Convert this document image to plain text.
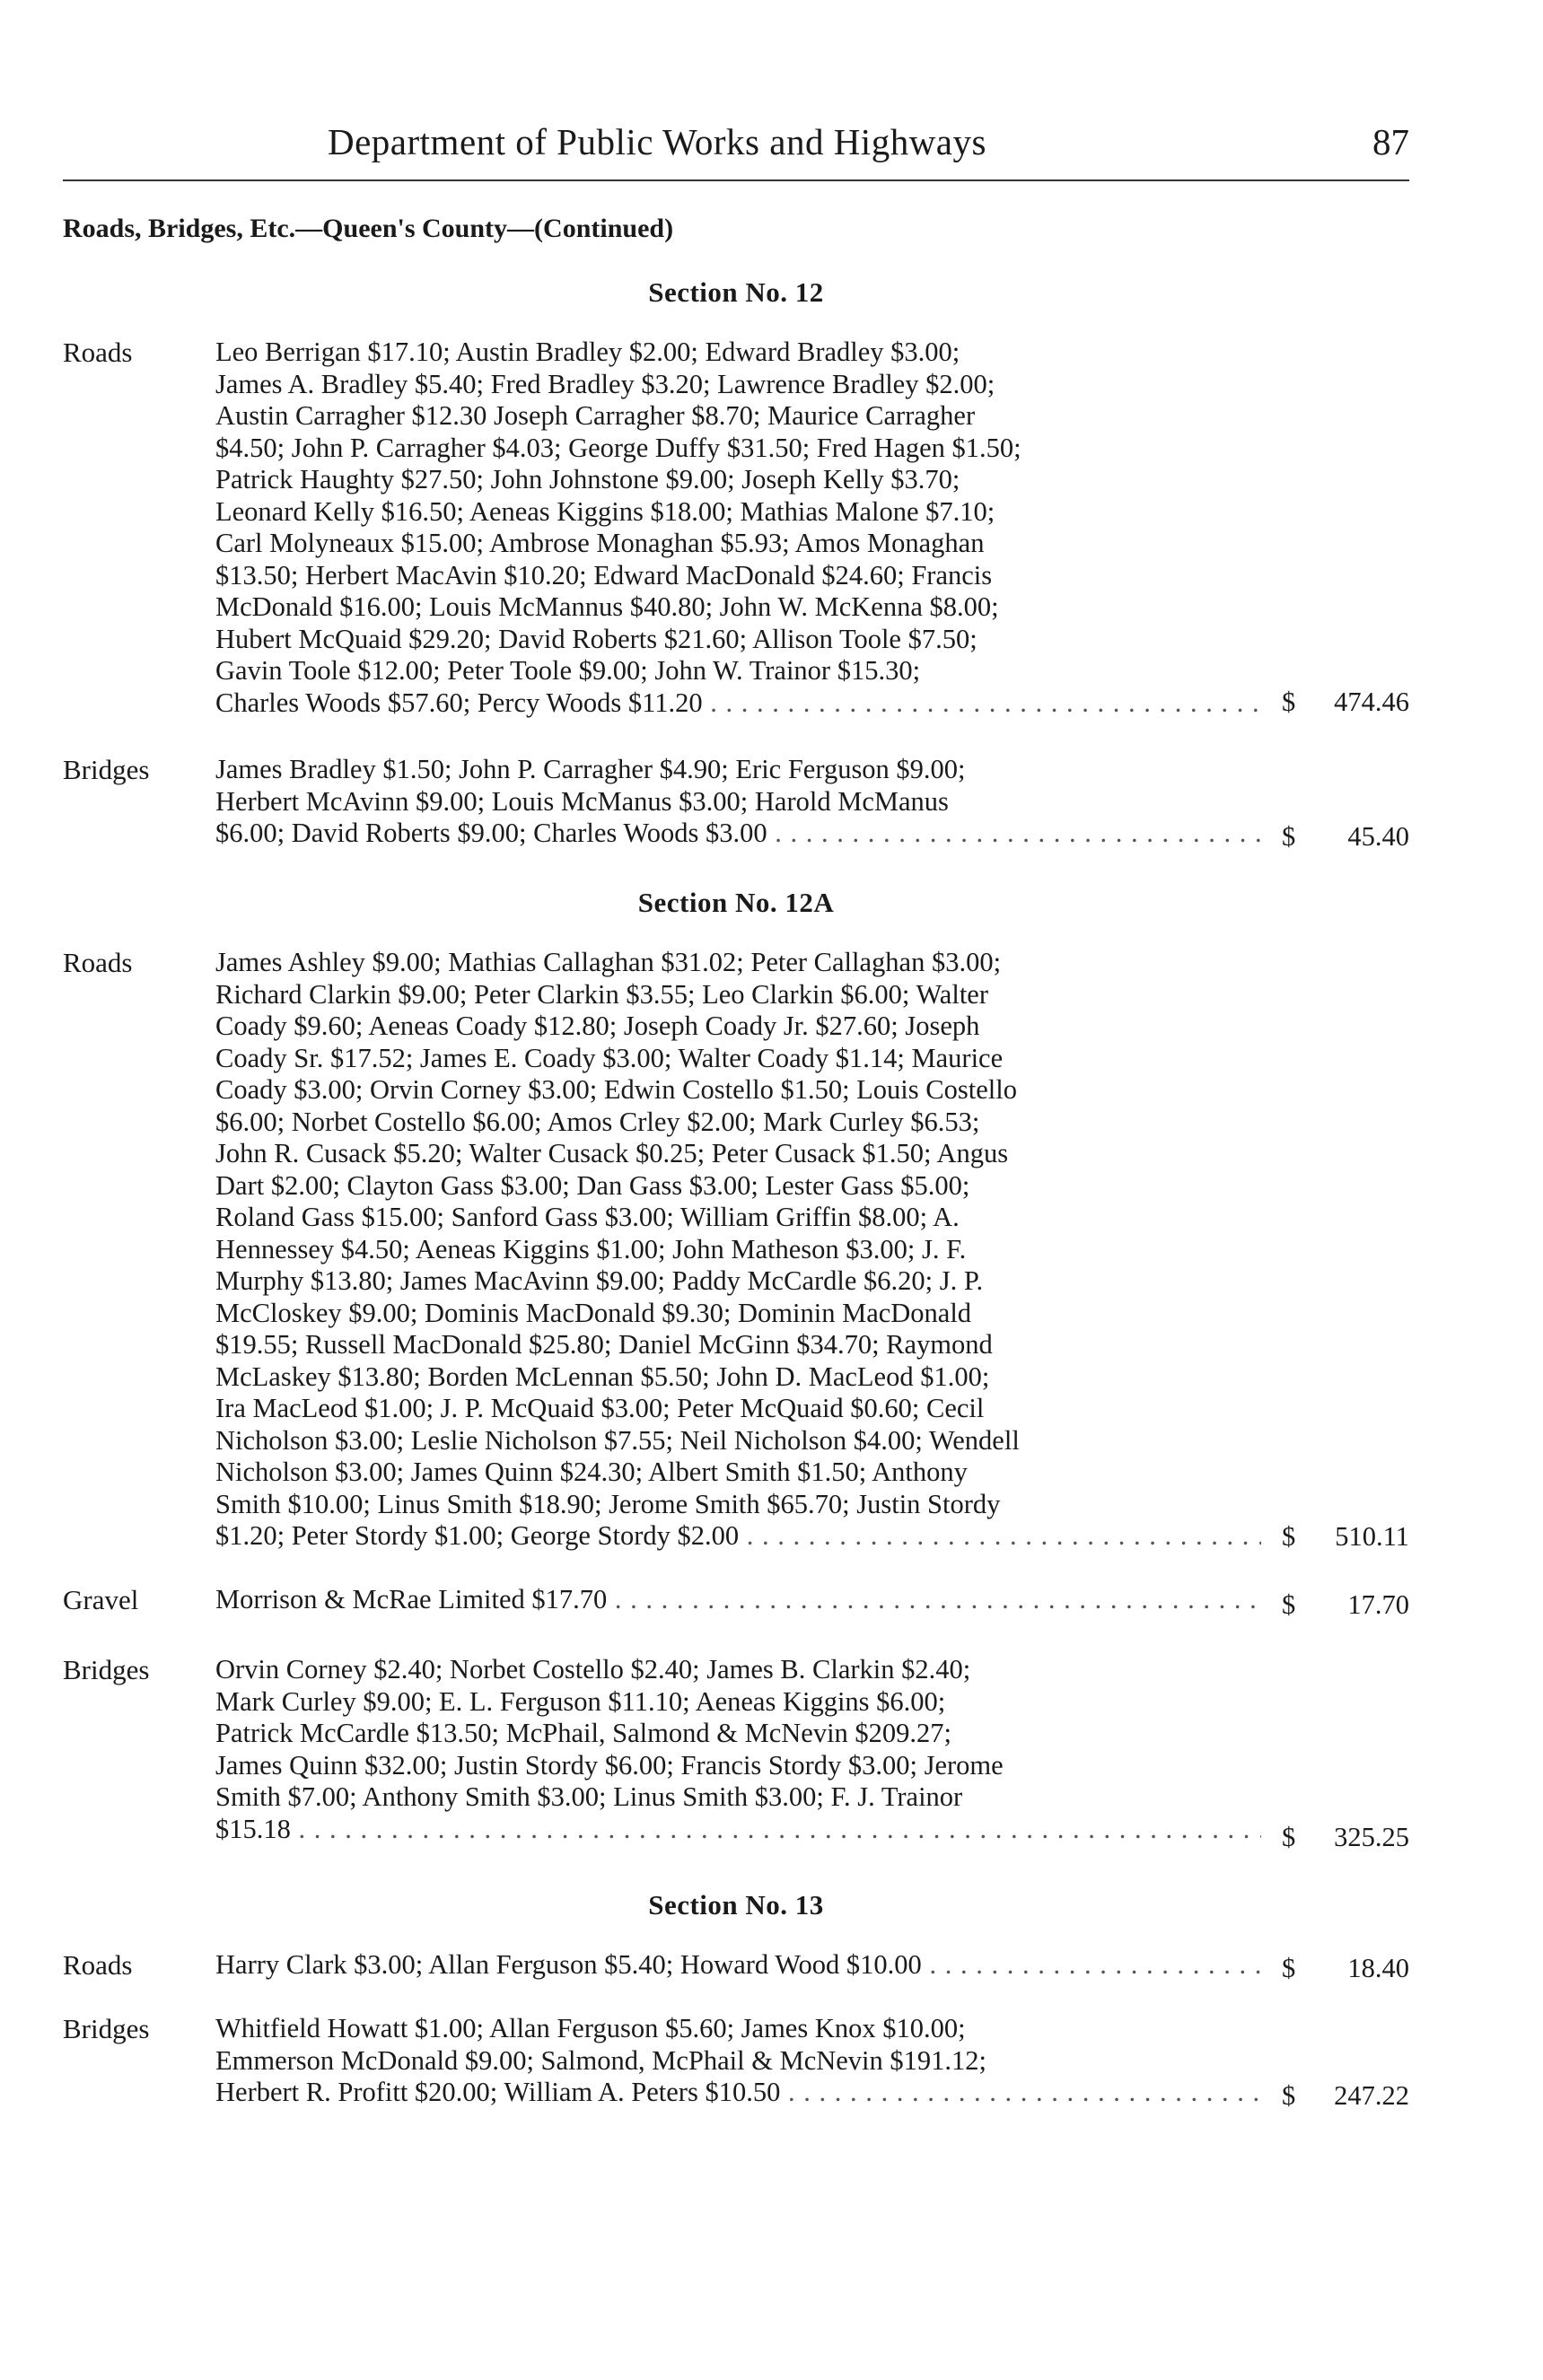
Department of Public Works and Highways	87
Roads, Bridges, Etc.—Queen's County—(Continued)
Section No. 12
Roads	Leo Berrigan $17.10; Austin Bradley $2.00; Edward Bradley $3.00;
James A. Bradley $5.40; Fred Bradley $3.20; Lawrence Bradley $2.00;
Austin Carragher $12.30 Joseph Carragher $8.70; Maurice Carragher
$4.50; John P. Carragher $4.03; George Duffy $31.50; Fred Hagen $1.50;
Patrick Haughty $27.50; John Johnstone $9.00; Joseph Kelly $3.70;
Leonard Kelly $16.50; Aeneas Kiggins $18.00; Mathias Malone $7.10;
Carl Molyneaux $15.00; Ambrose Monaghan $5.93; Amos Monaghan
$13.50; Herbert MacAvin $10.20; Edward MacDonald $24.60; Francis
McDonald $16.00; Louis McMannus $40.80; John W. McKenna $8.00;
Hubert McQuaid $29.20; David Roberts $21.60; Allison Toole $7.50;
Gavin Toole $12.00; Peter Toole $9.00; John W. Trainor $15.30;
Charles Woods $57.60; Percy Woods $11.20 . . .	$ 474.46
Bridges James Bradley $1.50; John P. Carragher $4.90; Eric Ferguson $9.00;
Herbert McAvinn $9.00; Louis McManus $3.00; Harold McManus
$6.00; David Roberts $9.00; Charles Woods $3.00 . . .	$ 45.40
Section No. 12A
Roads	James Ashley $9.00; Mathias Callaghan $31.02; Peter Callaghan $3.00;
Richard Clarkin $9.00; Peter Clarkin $3.55; Leo Clarkin $6.00; Walter
Coady $9.60; Aeneas Coady $12.80; Joseph Coady Jr. $27.60; Joseph
Coady Sr. $17.52; James E. Coady $3.00; Walter Coady $1.14; Maurice
Coady $3.00; Orvin Corney $3.00; Edwin Costello $1.50; Louis Costello
$6.00; Norbet Costello $6.00; Amos Crley $2.00; Mark Curley $6.53;
John R. Cusack $5.20; Walter Cusack $0.25; Peter Cusack $1.50; Angus
Dart $2.00; Clayton Gass $3.00; Dan Gass $3.00; Lester Gass $5.00;
Roland Gass $15.00; Sanford Gass $3.00; William Griffin $8.00; A.
Hennessey $4.50; Aeneas Kiggins $1.00; John Matheson $3.00; J. F.
Murphy $13.80; James MacAvinn $9.00; Paddy McCardle $6.20; J. P.
McCloskey $9.00; Dominis MacDonald $9.30; Dominin MacDonald
$19.55; Russell MacDonald $25.80; Daniel McGinn $34.70; Raymond
McLaskey $13.80; Borden McLennan $5.50; John D. MacLeod $1.00;
Ira MacLeod $1.00; J. P. McQuaid $3.00; Peter McQuaid $0.60; Cecil
Nicholson $3.00; Leslie Nicholson $7.55; Neil Nicholson $4.00; Wendell
Nicholson $3.00; James Quinn $24.30; Albert Smith $1.50; Anthony
Smith $10.00; Linus Smith $18.90; Jerome Smith $65.70; Justin Stordy
$1.20; Peter Stordy $1.00; George Stordy $2.00 . . .	$ 510.11
Gravel	Morrison & McRae Limited $17.70 . . .	$ 17.70
Bridges Orvin Corney $2.40; Norbet Costello $2.40; James B. Clarkin $2.40;
Mark Curley $9.00; E. L. Ferguson $11.10; Aeneas Kiggins $6.00;
Patrick McCardle $13.50; McPhail, Salmond & McNevin $209.27;
James Quinn $32.00; Justin Stordy $6.00; Francis Stordy $3.00; Jerome
Smith $7.00; Anthony Smith $3.00; Linus Smith $3.00; F. J. Trainor
$15.18 . . .	$ 325.25
Section No. 13
Roads	Harry Clark $3.00; Allan Ferguson $5.40; Howard Wood $10.00 . . .	$ 18.40
Bridges Whitfield Howatt $1.00; Allan Ferguson $5.60; James Knox $10.00;
Emmerson McDonald $9.00; Salmond, McPhail & McNevin $191.12;
Herbert R. Profitt $20.00; William A. Peters $10.50 . . .	$ 247.22
